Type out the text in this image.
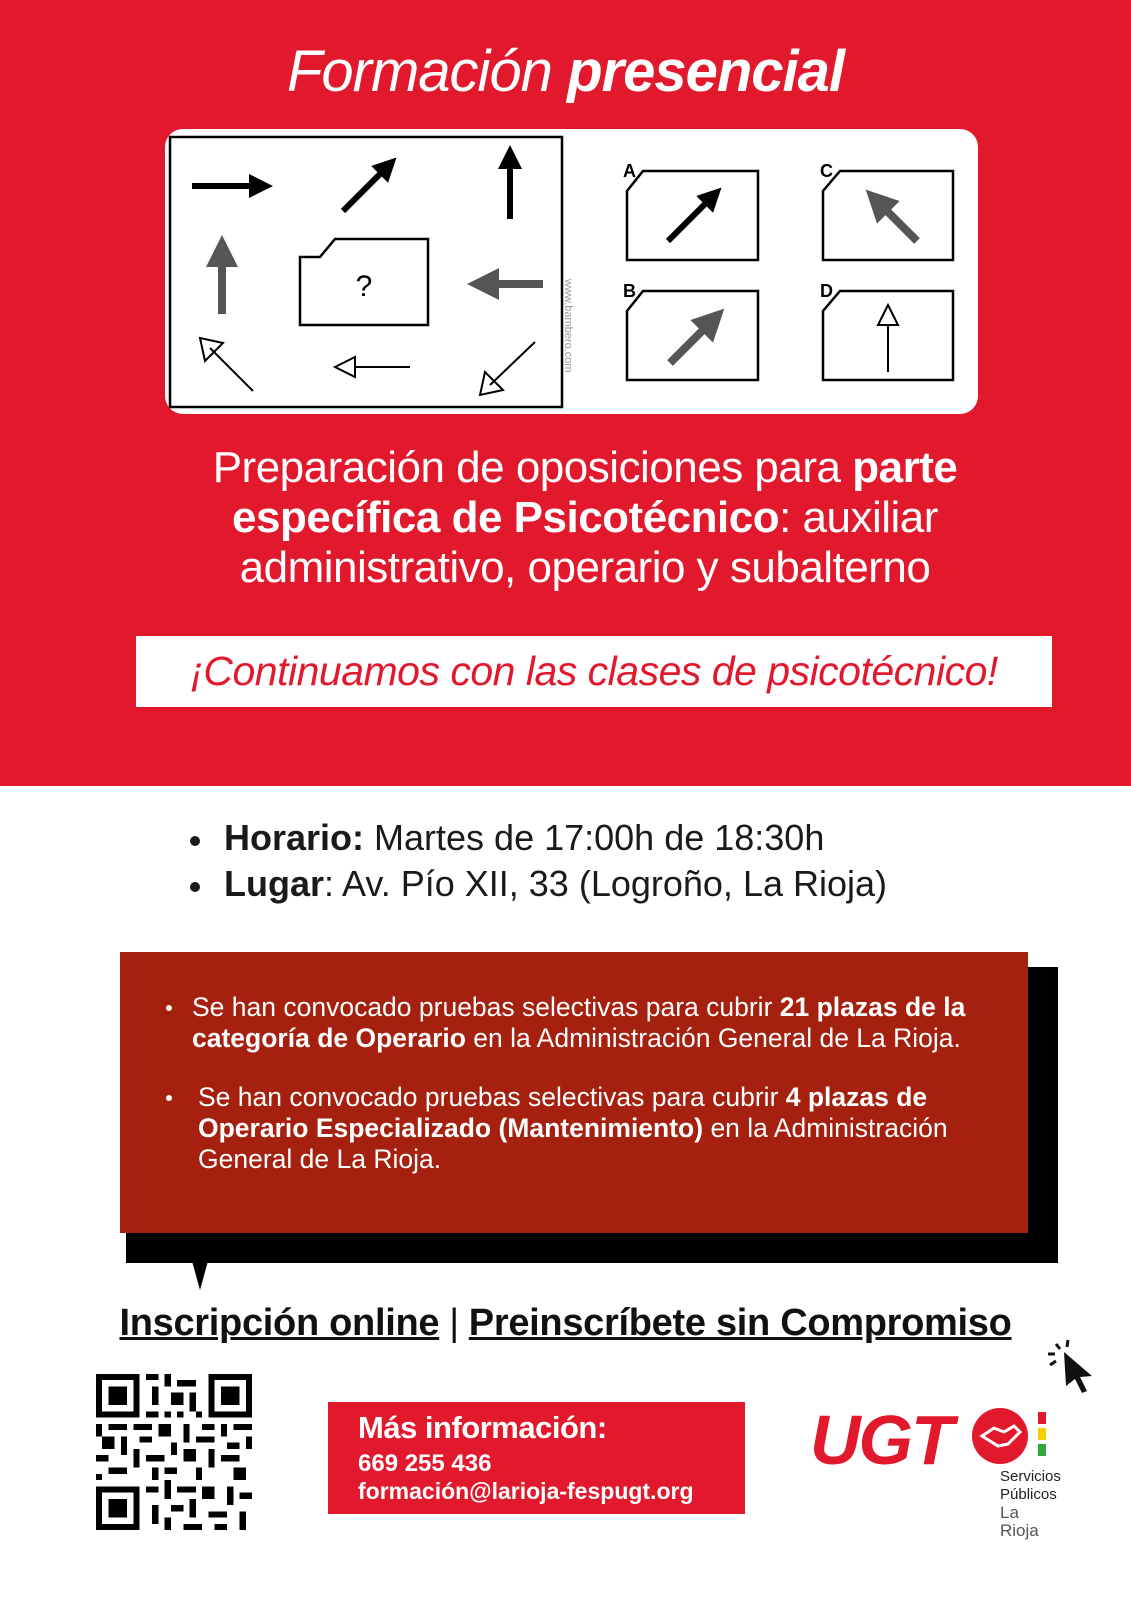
Formación presencial
?	www.bambero.com
A
B
C
D
Preparación de oposiciones para parte específica de Psicotécnico: auxiliar administrativo, operario y subalterno
¡Continuamos con las clases de psicotécnico!
Horario: Martes de 17:00h de 18:30h
Lugar: Av. Pío XII, 33 (Logroño, La Rioja)
Se han convocado pruebas selectivas para cubrir 21 plazas de la categoría de Operario en la Administración General de La Rioja.
Se han convocado pruebas selectivas para cubrir 4 plazas de Operario Especializado (Mantenimiento) en la Administración General de La Rioja.
Inscripción online | Preinscríbete sin Compromiso
Más información:
669 255 436
formación@larioja-fespugt.org
UGT	Servicios
Públicos
La Rioja
